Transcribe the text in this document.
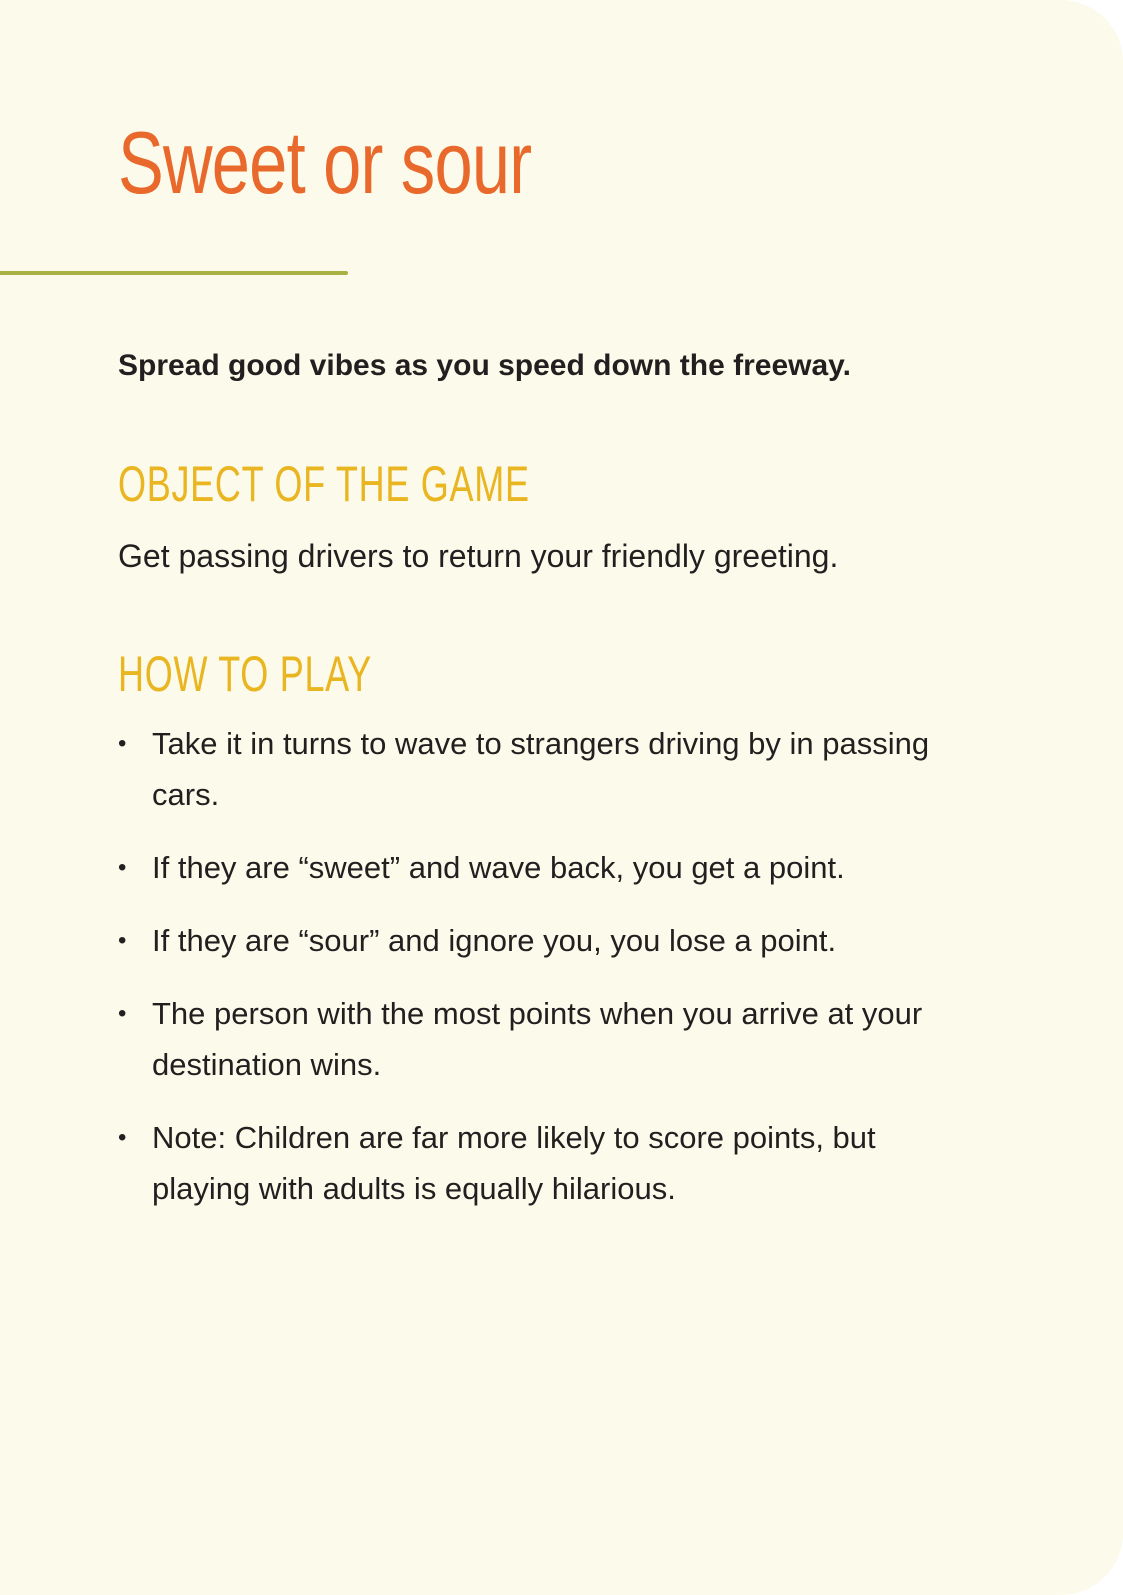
Sweet or sour

Spread good vibes as you speed down the freeway.

OBJECT OF THE GAME

Get passing drivers to return your friendly greeting.

HOW TO PLAY
• Take it in turns to wave to strangers driving by in passing cars.
• If they are “sweet” and wave back, you get a point.
• If they are “sour” and ignore you, you lose a point.
• The person with the most points when you arrive at your destination wins.
• Note: Children are far more likely to score points, but playing with adults is equally hilarious.
